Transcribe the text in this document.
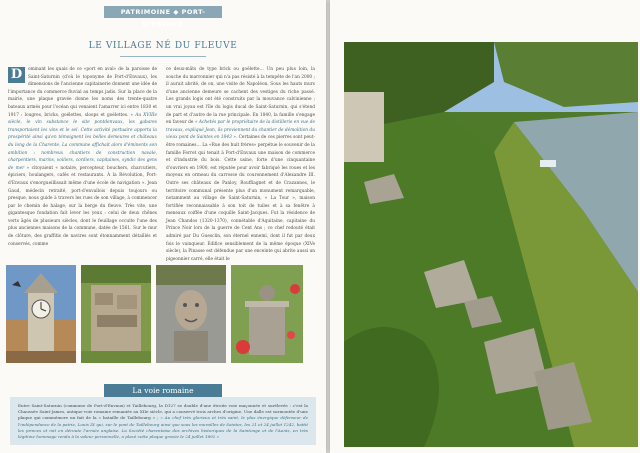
PATRIMOINE ◆ PORT-D'ENVAUX
LE VILLAGE NÉ DU FLEUVE
D	ominant les quais de ce «port en aval» de la paroisse de Saint-Saturnin (d'où le toponyme de Port-d'Envaux), les dimensions de l'ancienne capitainerie donnent une idée de l'importance du commerce fluvial au temps jadis. Sur la place de la mairie, une plaque gravée donne les noms des trente-quatre bateaux armés pour l'océan qui venaient l'amarrer ici entre 1830 et 1917 : lougres, bricks, goélettes, sloops et goélettes. « Au XVIIIe siècle, le vin substance le site pontdenvaux, les gabares transportaient les vins et le sel. Cette activité portuaire apporta la prospérité ainsi qu'en témoignent les belles demeures et châteaux du long de la Charente. La commune affichait alors d'éminents son ambition : nombreux chantiers de construction navale, charpentiers, marins, voiliers, cordiers, capitaines, syndic des gens de mer » citoyaient « notaire, percepteur, bouchers, charcutiers, épiciers, boulangers, cafés et restaurants. À la Révolution, Port-d'Envaux s'enorgueillissait même d'une école de navigation ». Jean Gaud, médecin retraité, port-d'envallois depuis toujours ou presque, nous guide à travers les rues de son village, à commencer par le chemin de halage, sur la berge du fleuve. Très vite, une gigantesque fondation fait lever les yeux : celui de deux chênes verts âgés de plusieurs siècles, dont le feuillage occulte l'une des plus anciennes maisons de la commune, datée de 1561. Sur le mur de clôture, des graffitis de navires sont étonnamment détaillés et conservés, comme
ce deux-mâts de type brick ou goélette… Un peu plus loin, la souche du marronnier qui n'a pas résisté à la tempête de l'an 2000 ; il aurait abrité, de on, une visite de Napoléon. Sous les hauts murs d'une ancienne demeure se cachent des vestiges du riche passé. Les grands logis ont été construits par la mouvance calvinienne ; un vrai joyau est l'île du logis ducal de Saint-Saturnin, qui s'étend de part et d'autre de la rue principale. En 1840, la famille s'engage en faveur de « Achetés par le propriétaire de la distillerie en vue de travaux, expliqué Jean, ils proviennent du chantier de démolition du vieux pont de Saintes en 1843 ». Certaines de ces pierres sont peut-être romaines… La «Rue des huit frères» perpétue le souvenir de la famille Ferret qui tenait à Port-d'Envaux une maison de commerce et d'industrie du bois. Cette usine, forte d'une cinquantaine d'ouvriers en 1900, est réputée pour avoir fabriqué les roues et les moyeux en ormeau du carrosse du couronnement d'Alexandre III. Outre ses châteaux de Panloy, Rouffiagnet et de Crazannes, le territoire communal présente plus d'un monument remarquable, notamment au village de Saint-Saturnin, « La Tour », maison fortifiée reconnaissable à son toit de tuiles et à sa fenêtre à meneaux coiffée d'une coquille Saint-Jacques. Fut la résidence de Jean Chandos (1320-1370), connétable d'Aquitaine, capitaine du Prince Noir lors de la guerre de Cent Ans ; ce chef redouté était admiré par Du Guesclin, son éternel ennemi, dont il fut par deux fois le vainqueur. Édifice sensiblement de la même époque (XIVe siècle), la Pinasse est défendue par une enceinte qui abrite aussi un pigeonnier carré, elle était le
La voie romaine
Entre Saint-Saturnin (commune de Port-d'Envaux) et Taillebourg, la D127 se double d'une étroite voie maçonnée et surélevée : c'est la Chaussée Saint-James, antique voie romaine remaniée au XIIe siècle, qui a conservé trois arches d'origine. Une dalle est surmontée d'une plaque qui commémore un fait de la « bataille de Taillebourg » ; « Au chef très glorieux et très saint, le plus énergique défenseur de l'indépendance de la patrie, Louis IX qui, sur le pont de Taillebourg ainsi que sous les murailles de Saintes, les 21 et 24 juillet 1242, battit les princes et mit en déroute l'armée anglaise. La Société charentaise des archives historiques de la Saintonge et de l'Aunis, en très légitime hommage rendu à la valeur personnelle, a placé cette plaque gravée le 24 juillet 1892 »
